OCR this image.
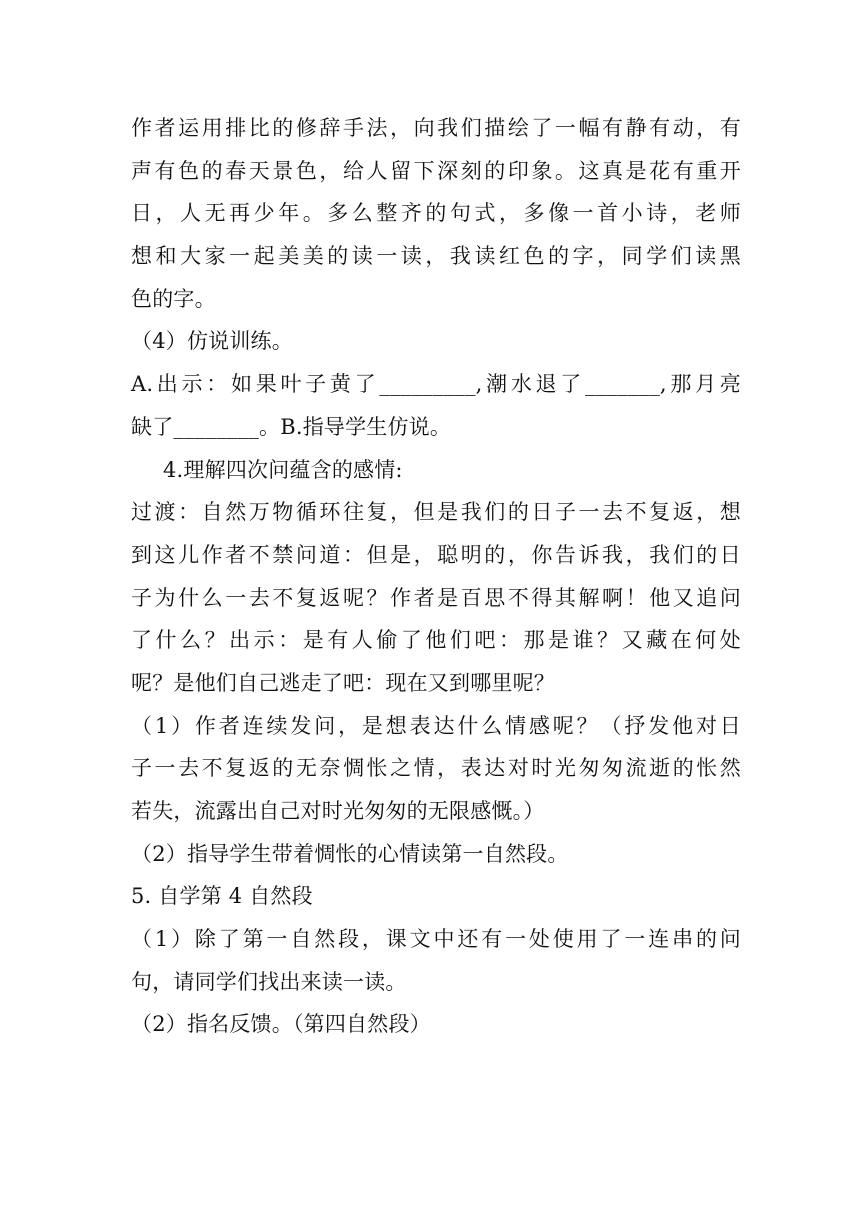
作者运用排比的修辞手法，向我们描绘了一幅有静有动，有
声有色的春天景色，给人留下深刻的印象。这真是花有重开
日，人无再少年。多么整齐的句式，多像一首小诗，老师
想和大家一起美美的读一读，我读红色的字，同学们读黑
色的字。
（4）仿说训练。
A.出示：如果叶子黄了_________,潮水退了_______,那月亮
缺了________。B.指导学生仿说。
4.理解四次问蕴含的感情:
过渡：自然万物循环往复，但是我们的日子一去不复返，想
到这儿作者不禁问道：但是，聪明的，你告诉我，我们的日
子为什么一去不复返呢？作者是百思不得其解啊！他又追问
了什么？出示：是有人偷了他们吧：那是谁？又藏在何处
呢？是他们自己逃走了吧：现在又到哪里呢？
（1）作者连续发问，是想表达什么情感呢？（抒发他对日
子一去不复返的无奈惆怅之情，表达对时光匆匆流逝的怅然
若失，流露出自己对时光匆匆的无限感慨。）
（2）指导学生带着惆怅的心情读第一自然段。
5. 自学第 4 自然段
（1）除了第一自然段，课文中还有一处使用了一连串的问
句，请同学们找出来读一读。
（2）指名反馈。（第四自然段）
